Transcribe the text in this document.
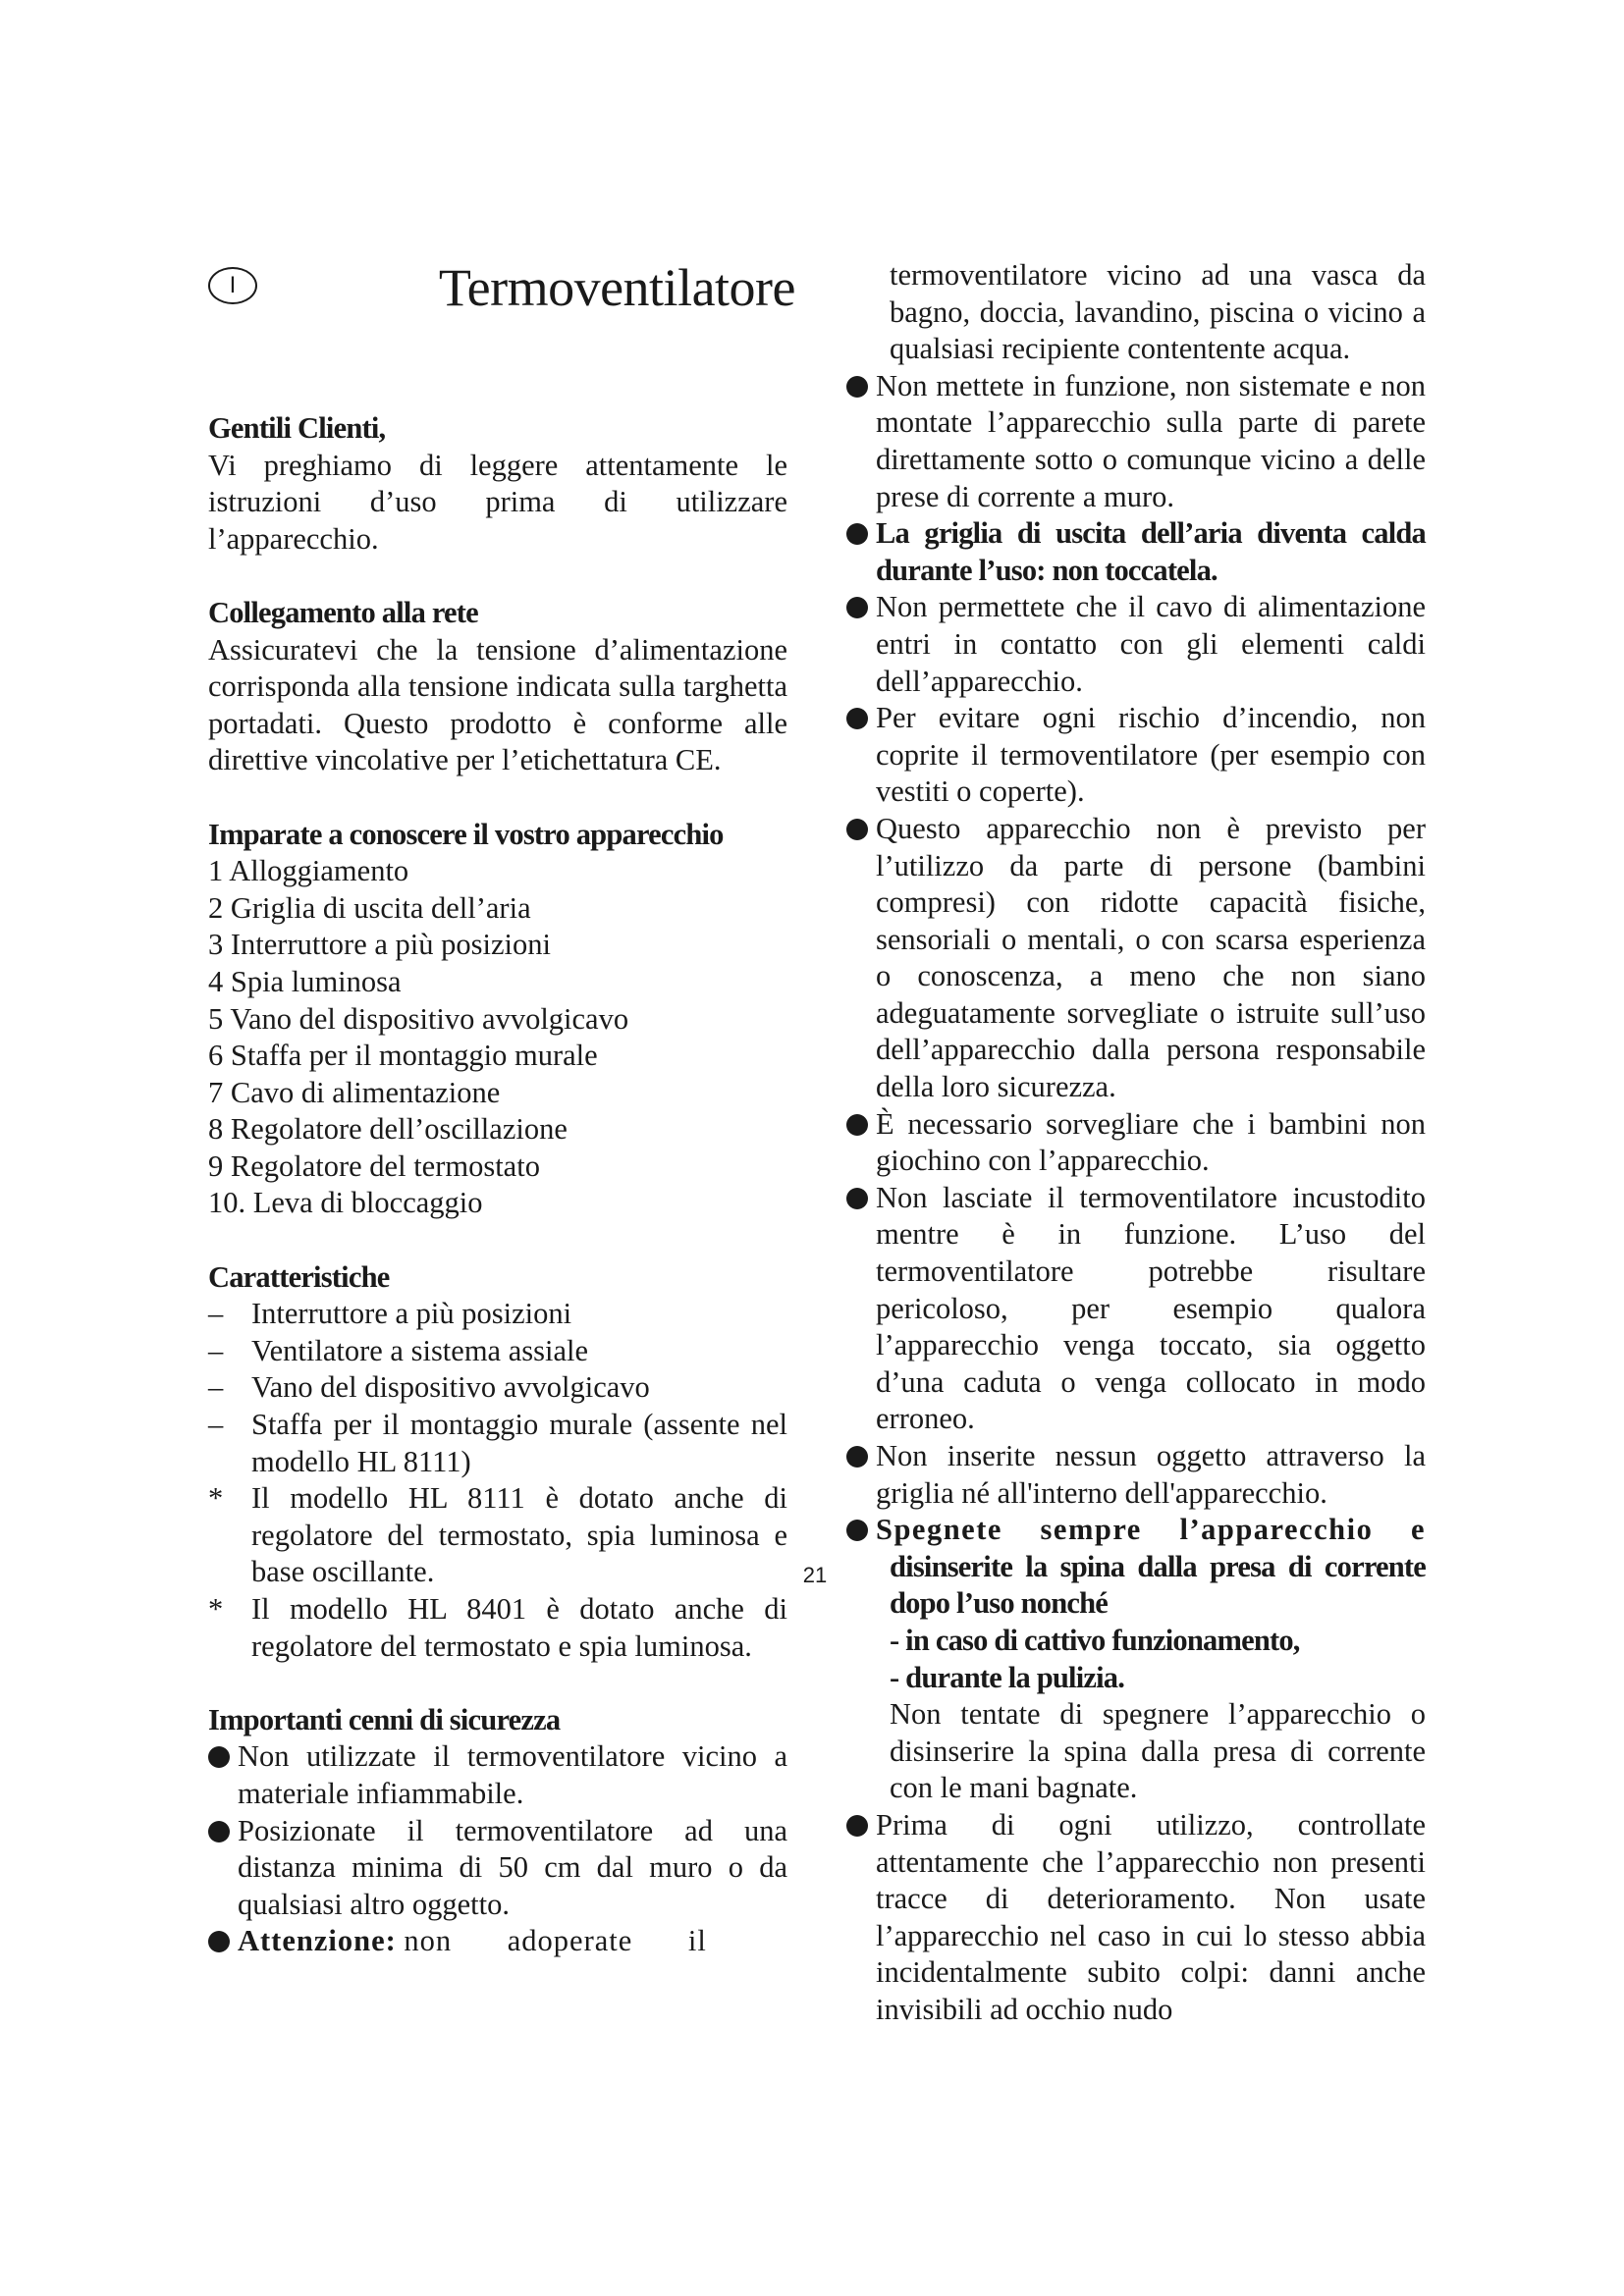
I	Termoventilatore
Gentili Clienti,
Vi preghiamo di leggere attentamente le istruzioni d’uso prima di utilizzare l’apparecchio.
Collegamento alla rete
Assicuratevi che la tensione d’alimentazione corrisponda alla tensione indicata sulla targhetta portadati. Questo prodotto è conforme alle direttive vincolative per l’etichettatura CE.
Imparate a conoscere il vostro apparecchio
1 Alloggiamento
2 Griglia di uscita dell’aria
3 Interruttore a più posizioni
4 Spia luminosa
5 Vano del dispositivo avvolgicavo
6 Staffa per il montaggio murale
7 Cavo di alimentazione
8 Regolatore dell’oscillazione
9 Regolatore del termostato
10. Leva di bloccaggio
Caratteristiche
– Interruttore a più posizioni
– Ventilatore a sistema assiale
– Vano del dispositivo avvolgicavo
– Staffa per il montaggio murale (assente nel modello HL 8111)
* Il modello HL 8111 è dotato anche di regolatore del termostato, spia luminosa e base oscillante.
* Il modello HL 8401 è dotato anche di regolatore del termostato e spia luminosa.
Importanti cenni di sicurezza
Non utilizzate il termoventilatore vicino a materiale infiammabile.
Posizionate il termoventilatore ad una distanza minima di 50 cm dal muro o da qualsiasi altro oggetto.
Attenzione: non adoperate il
termoventilatore vicino ad una vasca da bagno, doccia, lavandino, piscina o vicino a qualsiasi recipiente contentente acqua.
Non mettete in funzione, non sistemate e non montate l’apparecchio sulla parte di parete direttamente sotto o comunque vicino a delle prese di corrente a muro.
La griglia di uscita dell’aria diventa calda durante l’uso: non toccatela.
Non permettete che il cavo di alimentazione entri in contatto con gli elementi caldi dell’apparecchio.
Per evitare ogni rischio d’incendio, non coprite il termoventilatore (per esempio con vestiti o coperte).
Questo apparecchio non è previsto per l’utilizzo da parte di persone (bambini compresi) con ridotte capacità fisiche, sensoriali o mentali, o con scarsa esperienza o conoscenza, a meno che non siano adeguatamente sorvegliate o istruite sull’uso dell’apparecchio dalla persona responsabile della loro sicurezza.
È necessario sorvegliare che i bambini non giochino con l’apparecchio.
Non lasciate il termoventilatore incustodito mentre è in funzione. L’uso del termoventilatore potrebbe risultare pericoloso, per esempio qualora l’apparecchio venga toccato, sia oggetto d’una caduta o venga collocato in modo erroneo.
Non inserite nessun oggetto attraverso la griglia né all'interno dell'apparecchio.
Spegnete sempre l’apparecchio e
disinserite la spina dalla presa di corrente dopo l’uso nonché
- in caso di cattivo funzionamento,
- durante la pulizia.
Non tentate di spegnere l’apparecchio o disinserire la spina dalla presa di corrente con le mani bagnate.
Prima di ogni utilizzo, controllate attentamente che l’apparecchio non presenti tracce di deterioramento. Non usate l’apparecchio nel caso in cui lo stesso abbia incidentalmente subito colpi: danni anche invisibili ad occhio nudo
21
